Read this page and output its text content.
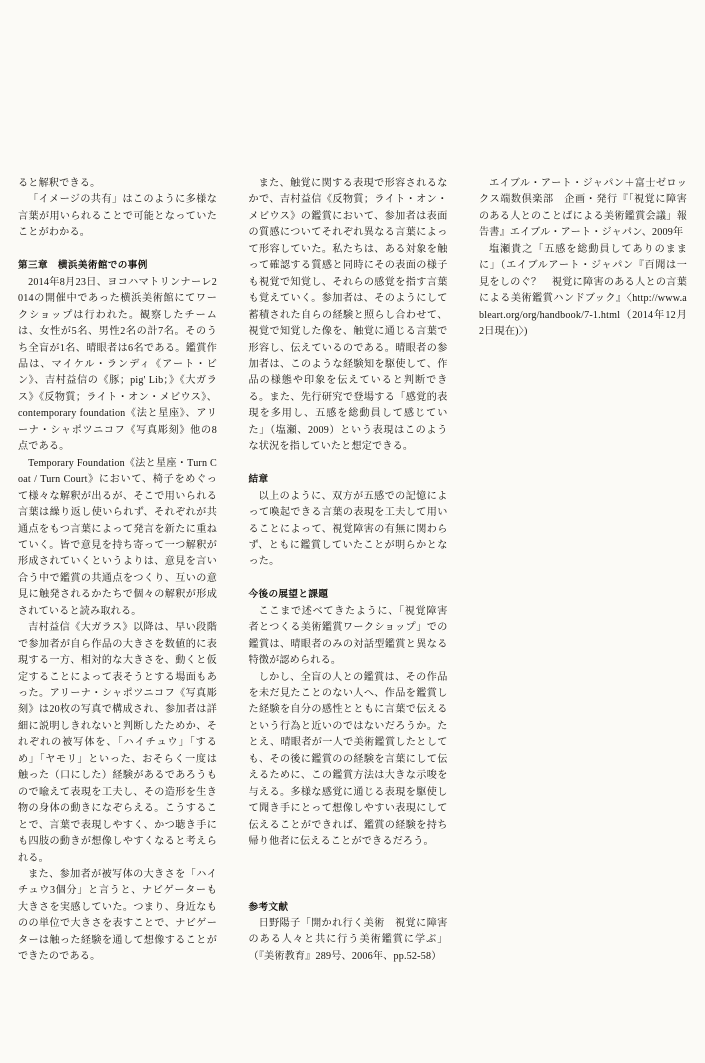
ると解釈できる。

「イメージの共有」はこのように多様な言葉が用いられることで可能となっていたことがわかる。

第三章　横浜美術館での事例

2014年8月23日、ヨコハマトリンナーレ2014の開催中であった横浜美術館にてワークショップは行われた。観察したチームは、女性が5名、男性2名の計7名。そのうち全盲が1名、晴眼者は6名である。鑑賞作品は、マイケル・ランディ《アート・ビン》、吉村益信の《豚；pig' Lib；》《大ガラス》《反物質；ライト・オン・メビウス》、contemporary foundation《法と星座》、アリーナ・シャポツニコフ《写真彫刻》他の8点である。

Temporary Foundation《法と星座・Turn Coat / Turn Court》において、椅子をめぐって様々な解釈が出るが、そこで用いられる言葉は繰り返し使いられず、それぞれが共通点をもつ言葉によって発言を新たに重ねていく。皆で意見を持ち寄って一つ解釈が形成されていくというよりは、意見を言い合う中で鑑賞の共通点をつくり、互いの意見に触発されるかたちで個々の解釈が形成されていると読み取れる。

吉村益信《大ガラス》以降は、早い段階で参加者が自ら作品の大きさを数値的に表現する一方、相対的な大きさを、動くと仮定することによって表そうとする場面もあった。アリーナ・シャポツニコフ《写真彫刻》は20枚の写真で構成され、参加者は詳細に説明しきれないと判断したためか、それぞれの被写体を、「ハイチュウ」「するめ」「ヤモリ」といった、おそらく一度は触った（口にした）経験があるであろうもので喩えて表現を工夫し、その造形を生き物の身体の動きになぞらえる。こうすることで、言葉で表現しやすく、かつ聴き手にも四肢の動きが想像しやすくなると考えられる。

また、参加者が被写体の大きさを「ハイチュウ3個分」と言うと、ナビゲーターも大きさを実感していた。つまり、身近なものの単位で大きさを表すことで、ナビゲーターは触った経験を通して想像することができたのである。

また、触覚に関する表現で形容されるなかで、吉村益信《反物質；ライト・オン・メビウス》の鑑賞において、参加者は表面の質感についてそれぞれ異なる言葉によって形容していた。私たちは、ある対象を触って確認する質感と同時にその表面の様子も視覚で知覚し、それらの感覚を指す言葉も覚えていく。参加者は、そのようにして蓄積された自らの経験と照らし合わせて、視覚で知覚した像を、触覚に通じる言葉で形容し、伝えているのである。晴眼者の参加者は、このような経験知を駆使して、作品の様態や印象を伝えていると判断できる。また、先行研究で登場する「感覚的表現を多用し、五感を総動員して感じていた」（塩瀬、2009）という表現はこのような状況を指していたと想定できる。

結章

以上のように、双方が五感での記憶によって喚起できる言葉の表現を工夫して用いることによって、視覚障害の有無に関わらず、ともに鑑賞していたことが明らかとなった。

今後の展望と課題

ここまで述べてきたように、「視覚障害者とつくる美術鑑賞ワークショップ」での鑑賞は、晴眼者のみの対話型鑑賞と異なる特徴が認められる。

しかし、全盲の人との鑑賞は、その作品を未だ見たことのない人へ、作品を鑑賞した経験を自分の感性とともに言葉で伝えるという行為と近いのではないだろうか。たとえ、晴眼者が一人で美術鑑賞したとしても、その後に鑑賞のの経験を言葉にして伝えるために、この鑑賞方法は大きな示唆を与える。多様な感覚に通じる表現を駆使して聞き手にとって想像しやすい表現にして伝えることができれば、鑑賞の経験を持ち帰り他者に伝えることができるだろう。

参考文献

日野陽子「開かれ行く美術　視覚に障害のある人々と共に行う美術鑑賞に学ぶ」（『美術教育』289号、2006年、pp.52-58）

エイブル・アート・ジャパン＋富士ゼロックス端数倶楽部　企画・発行『「視覚に障害のある人とのことばによる美術鑑賞会議」報告書』エイブル・アート・ジャパン、2009年

塩瀬貴之「五感を総動員してありのままに」（エイブルアート・ジャパン『百聞は一見をしのぐ？　視覚に障害のある人との言葉による美術鑑賞ハンドブック』〈http://www.ableart.org/org/handbook/7-1.html（2014年12月2日現在)〉)
